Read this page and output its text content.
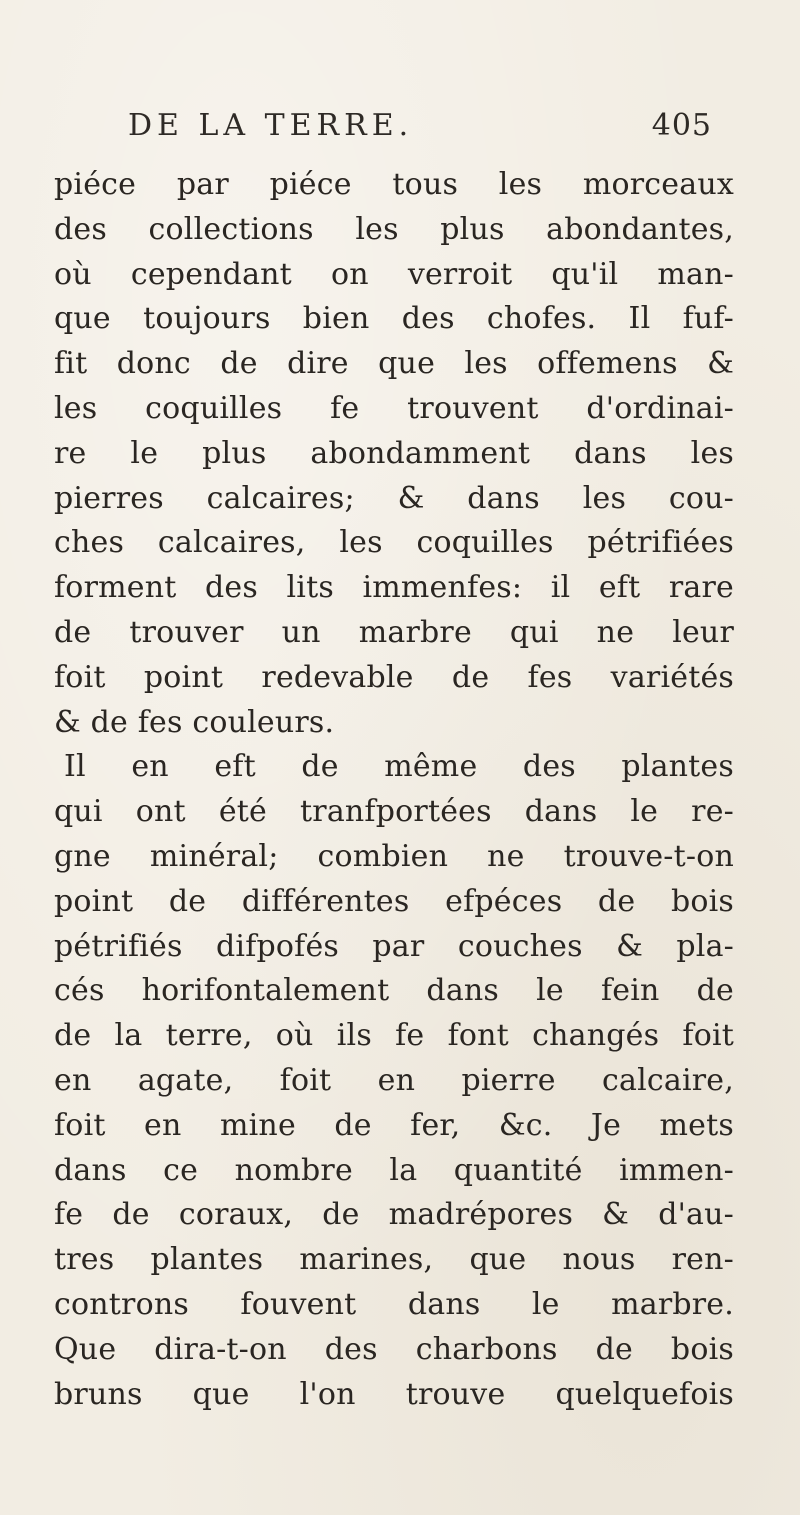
DE LA TERRE.	405
piéce par piéce tous les morceaux
des collections les plus abondantes,
où cependant on verroit qu'il man-
que toujours bien des chofes. Il fuf-
fit donc de dire que les offemens &
les coquilles fe trouvent d'ordinai-
re le plus abondamment dans les
pierres calcaires; & dans les cou-
ches calcaires, les coquilles pétrifiées
forment des lits immenfes: il eft rare
de trouver un marbre qui ne leur
foit point redevable de fes variétés
& de fes couleurs.
Il en eft de même des plantes
qui ont été tranfportées dans le re-
gne minéral; combien ne trouve-t-on
point de différentes efpéces de bois
pétrifiés difpofés par couches & pla-
cés horifontalement dans le fein de
de la terre, où ils fe font changés foit
en agate, foit en pierre calcaire,
foit en mine de fer, &c. Je mets
dans ce nombre la quantité immen-
fe de coraux, de madrépores & d'au-
tres plantes marines, que nous ren-
controns fouvent dans le marbre.
Que dira-t-on des charbons de bois
bruns que l'on trouve quelquefois
